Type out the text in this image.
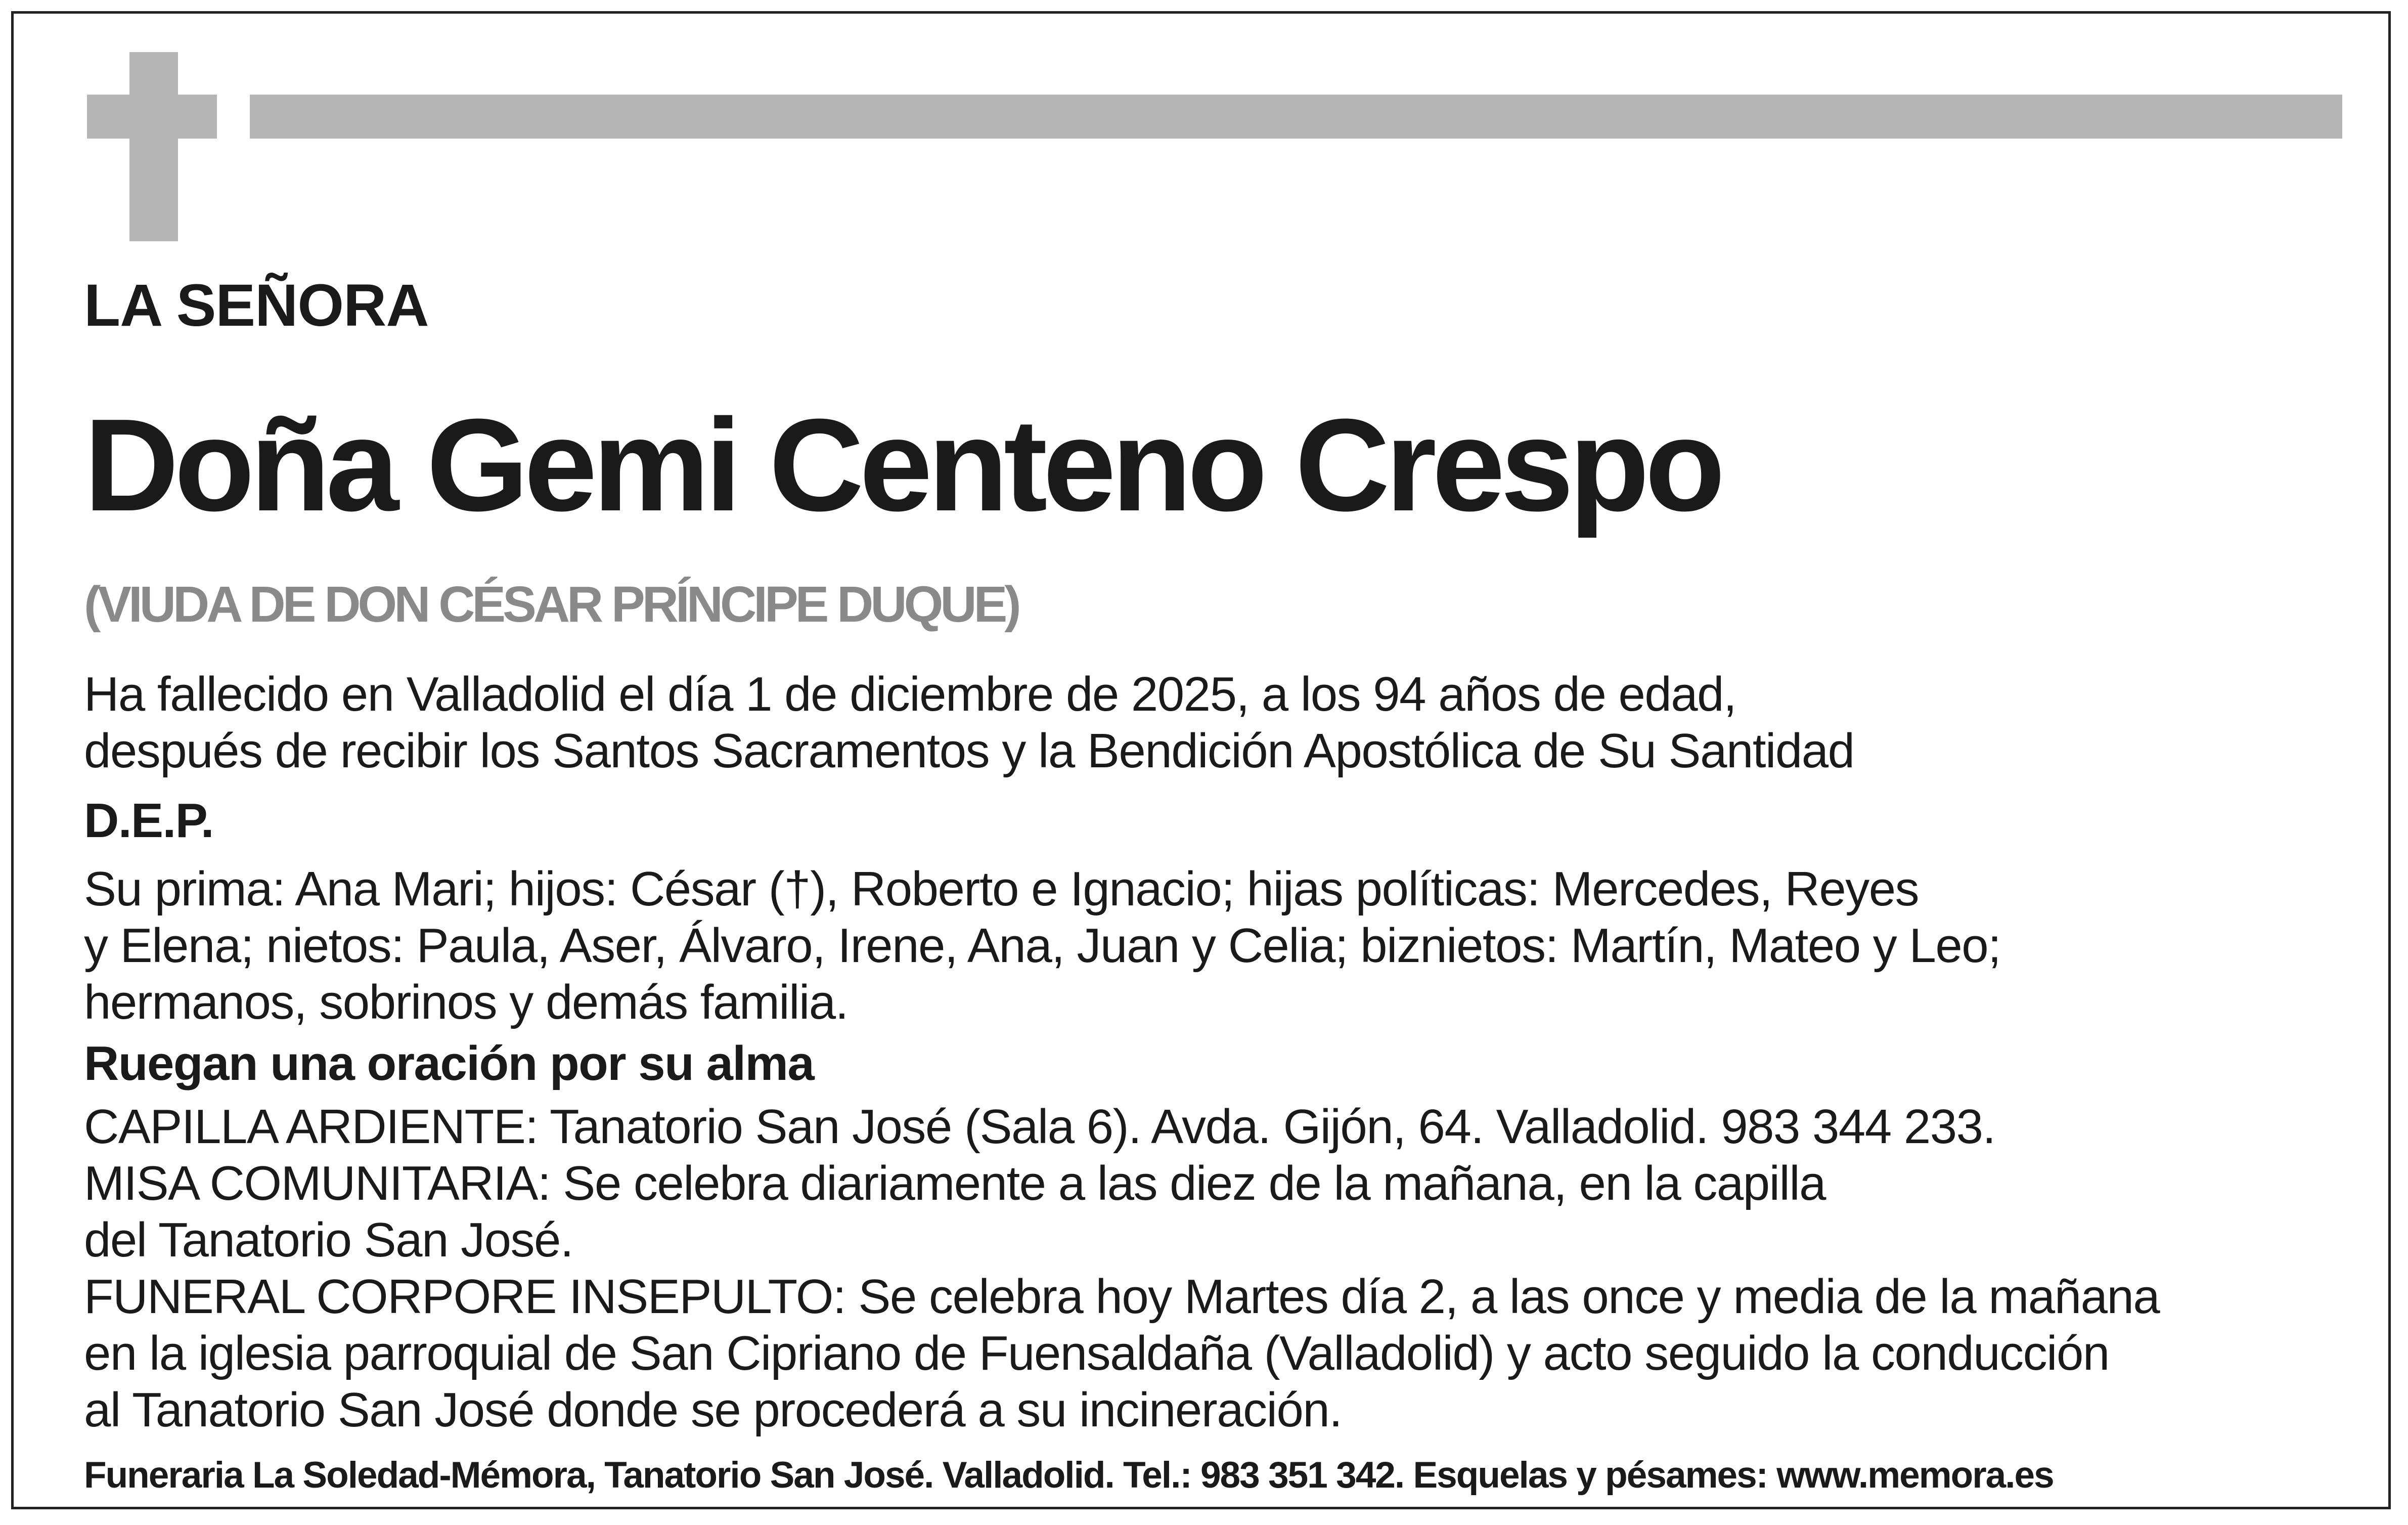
LA SEÑORA

Doña Gemi Centeno Crespo

(VIUDA DE DON CÉSAR PRÍNCIPE DUQUE)

Ha fallecido en Valladolid el día 1 de diciembre de 2025, a los 94 años de edad,

después de recibir los Santos Sacramentos y la Bendición Apostólica de Su Santidad

D.E.P.

Su prima: Ana Mari; hijos: César (†), Roberto e Ignacio; hijas políticas: Mercedes, Reyes

y Elena; nietos: Paula, Aser, Álvaro, Irene, Ana, Juan y Celia; biznietos: Martín, Mateo y Leo;

hermanos, sobrinos y demás familia.

Ruegan una oración por su alma

CAPILLA ARDIENTE: Tanatorio San José (Sala 6). Avda. Gijón, 64. Valladolid. 983 344 233.

MISA COMUNITARIA: Se celebra diariamente a las diez de la mañana, en la capilla

del Tanatorio San José.

FUNERAL CORPORE INSEPULTO: Se celebra hoy Martes día 2, a las once y media de la mañana

en la iglesia parroquial de San Cipriano de Fuensaldaña (Valladolid) y acto seguido la conducción

al Tanatorio San José donde se procederá a su incineración.

Funeraria La Soledad-Mémora, Tanatorio San José. Valladolid. Tel.: 983 351 342. Esquelas y pésames: www.memora.es
